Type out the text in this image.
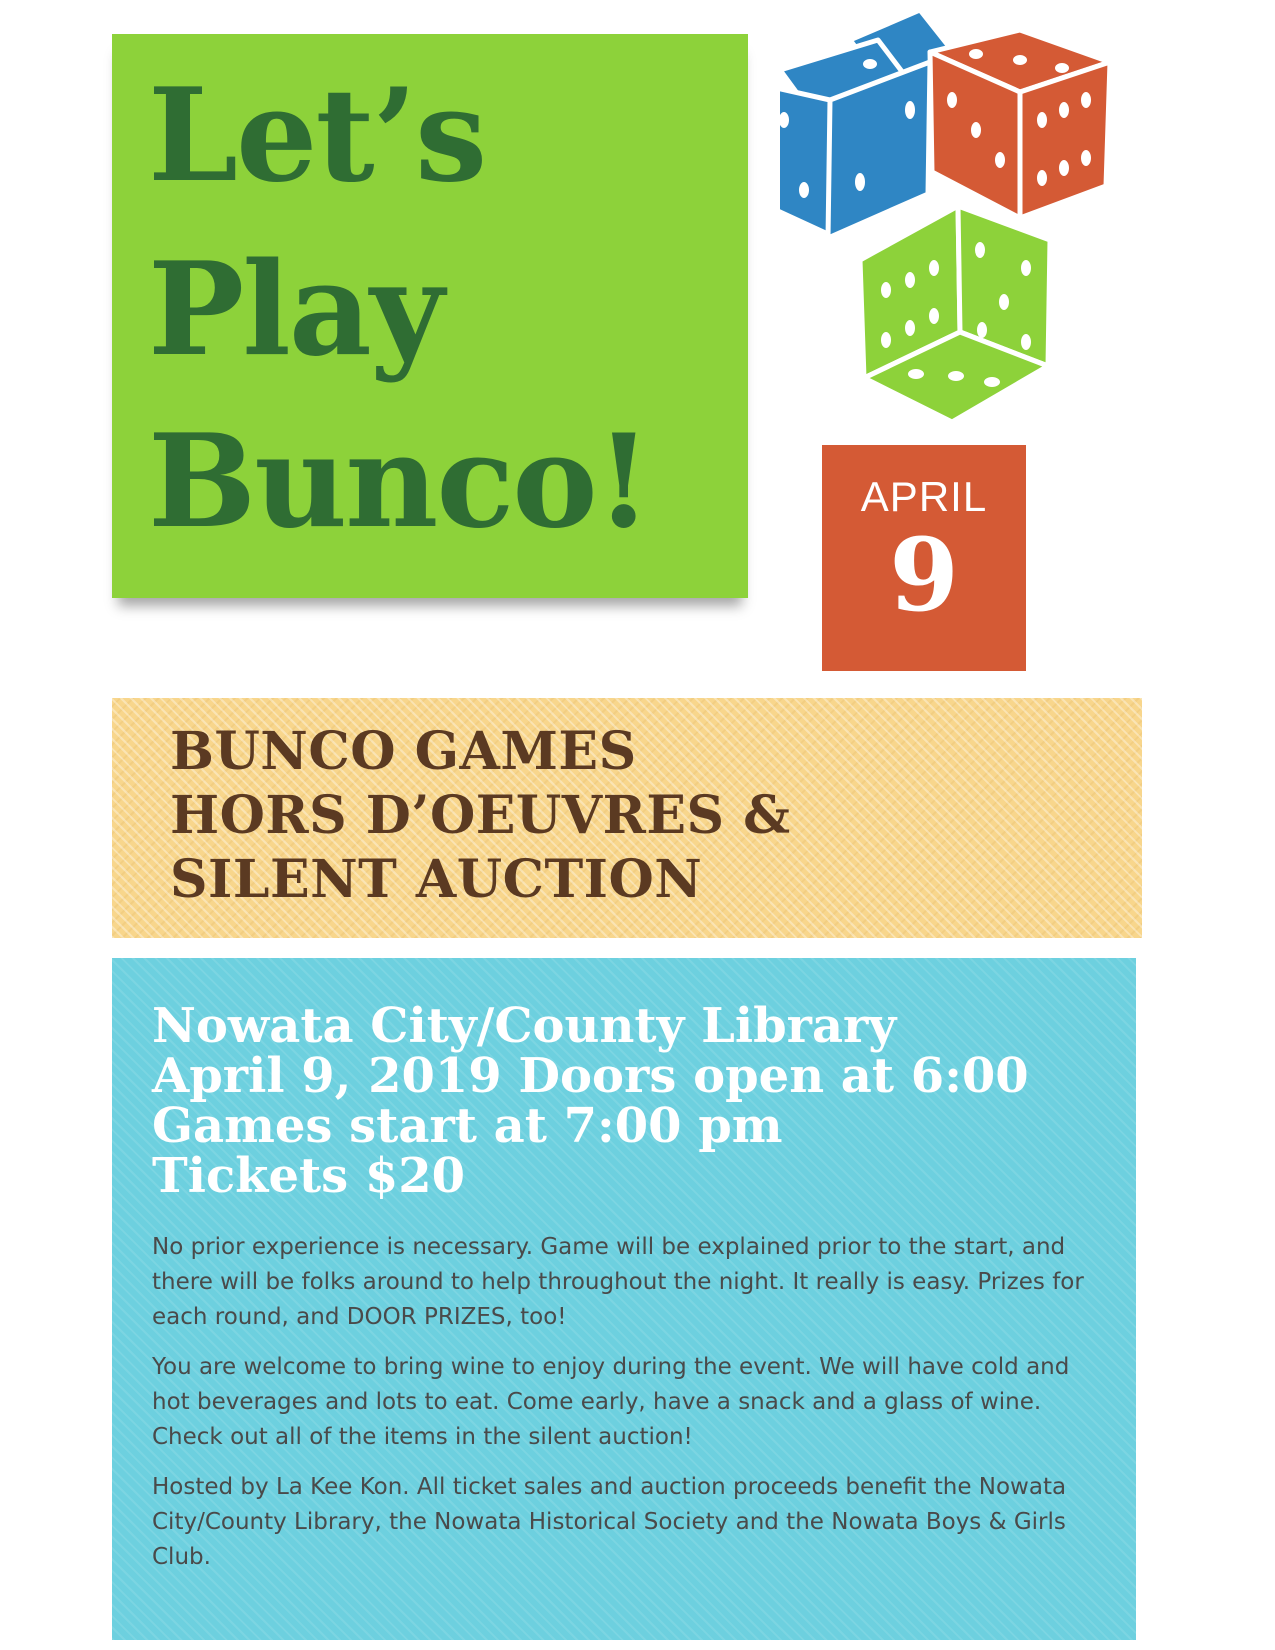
Let’s
Play
Bunco!	APRIL
9
BUNCO GAMES
HORS D’OEUVRES &
SILENT AUCTION
Nowata City/County Library
April 9, 2019 Doors open at 6:00
Games start at 7:00 pm
Tickets $20

No prior experience is necessary. Game will be explained prior to the start, and there will be folks around to help throughout the night. It really is easy. Prizes for each round, and DOOR PRIZES, too!

You are welcome to bring wine to enjoy during the event. We will have cold and hot beverages and lots to eat. Come early, have a snack and a glass of wine. Check out all of the items in the silent auction!

Hosted by La Kee Kon. All ticket sales and auction proceeds benefit the Nowata City/County Library, the Nowata Historical Society and the Nowata Boys & Girls Club.
